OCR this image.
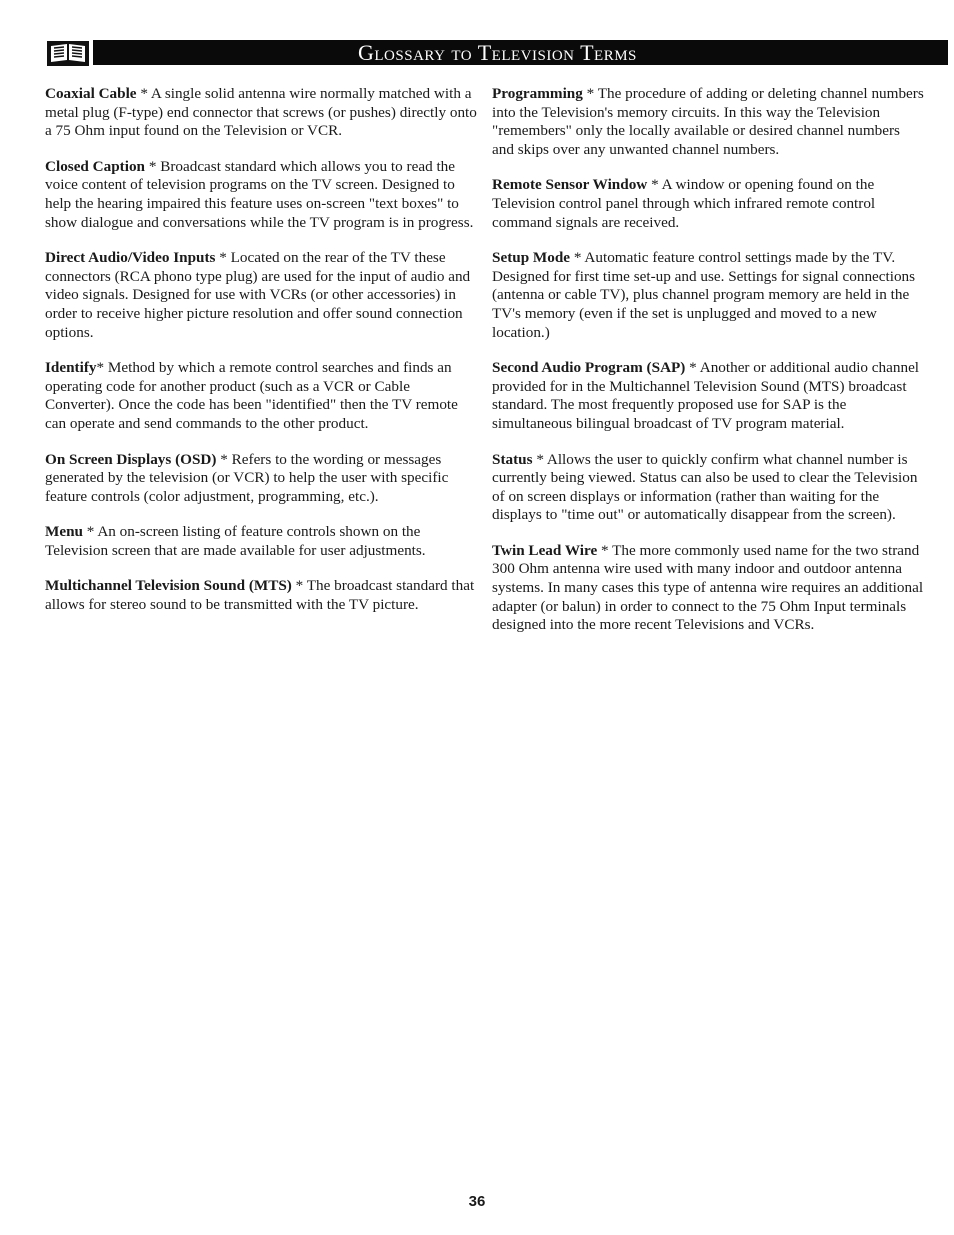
Glossary to Television Terms

Coaxial Cable * A single solid antenna wire normally matched with a metal plug (F-type) end connector that screws (or pushes) directly onto a 75 Ohm input found on the Television or VCR.

Closed Caption * Broadcast standard which allows you to read the voice content of television programs on the TV screen. Designed to help the hearing impaired this feature uses on-screen "text boxes" to show dialogue and conversations while the TV program is in progress.

Direct Audio/Video Inputs * Located on the rear of the TV these connectors (RCA phono type plug) are used for the input of audio and video signals. Designed for use with VCRs (or other accessories) in order to receive higher picture resolution and offer sound connection options.

Identify* Method by which a remote control searches and finds an operating code for another product (such as a VCR or Cable Converter). Once the code has been "identified" then the TV remote can operate and send commands to the other product.

On Screen Displays (OSD) * Refers to the wording or messages generated by the television (or VCR) to help the user with specific feature controls (color adjustment, programming, etc.).

Menu * An on-screen listing of feature controls shown on the Television screen that are made available for user adjustments.

Multichannel Television Sound (MTS) * The broadcast standard that allows for stereo sound to be transmitted with the TV picture.

Programming * The procedure of adding or deleting channel numbers into the Television's memory circuits. In this way the Television "remembers" only the locally available or desired channel numbers and skips over any unwanted channel numbers.

Remote Sensor Window * A window or opening found on the Television control panel through which infrared remote control command signals are received.

Setup Mode * Automatic feature control settings made by the TV. Designed for first time set-up and use. Settings for signal connections (antenna or cable TV), plus channel program memory are held in the TV's memory (even if the set is unplugged and moved to a new location.)

Second Audio Program (SAP) * Another or additional audio channel provided for in the Multichannel Television Sound (MTS) broadcast standard. The most frequently proposed use for SAP is the simultaneous bilingual broadcast of TV program material.

Status * Allows the user to quickly confirm what channel number is currently being viewed. Status can also be used to clear the Television of on screen displays or information (rather than waiting for the displays to "time out" or automatically disappear from the screen).

Twin Lead Wire * The more commonly used name for the two strand 300 Ohm antenna wire used with many indoor and outdoor antenna systems. In many cases this type of antenna wire requires an additional adapter (or balun) in order to connect to the 75 Ohm Input terminals designed into the more recent Televisions and VCRs.

36
